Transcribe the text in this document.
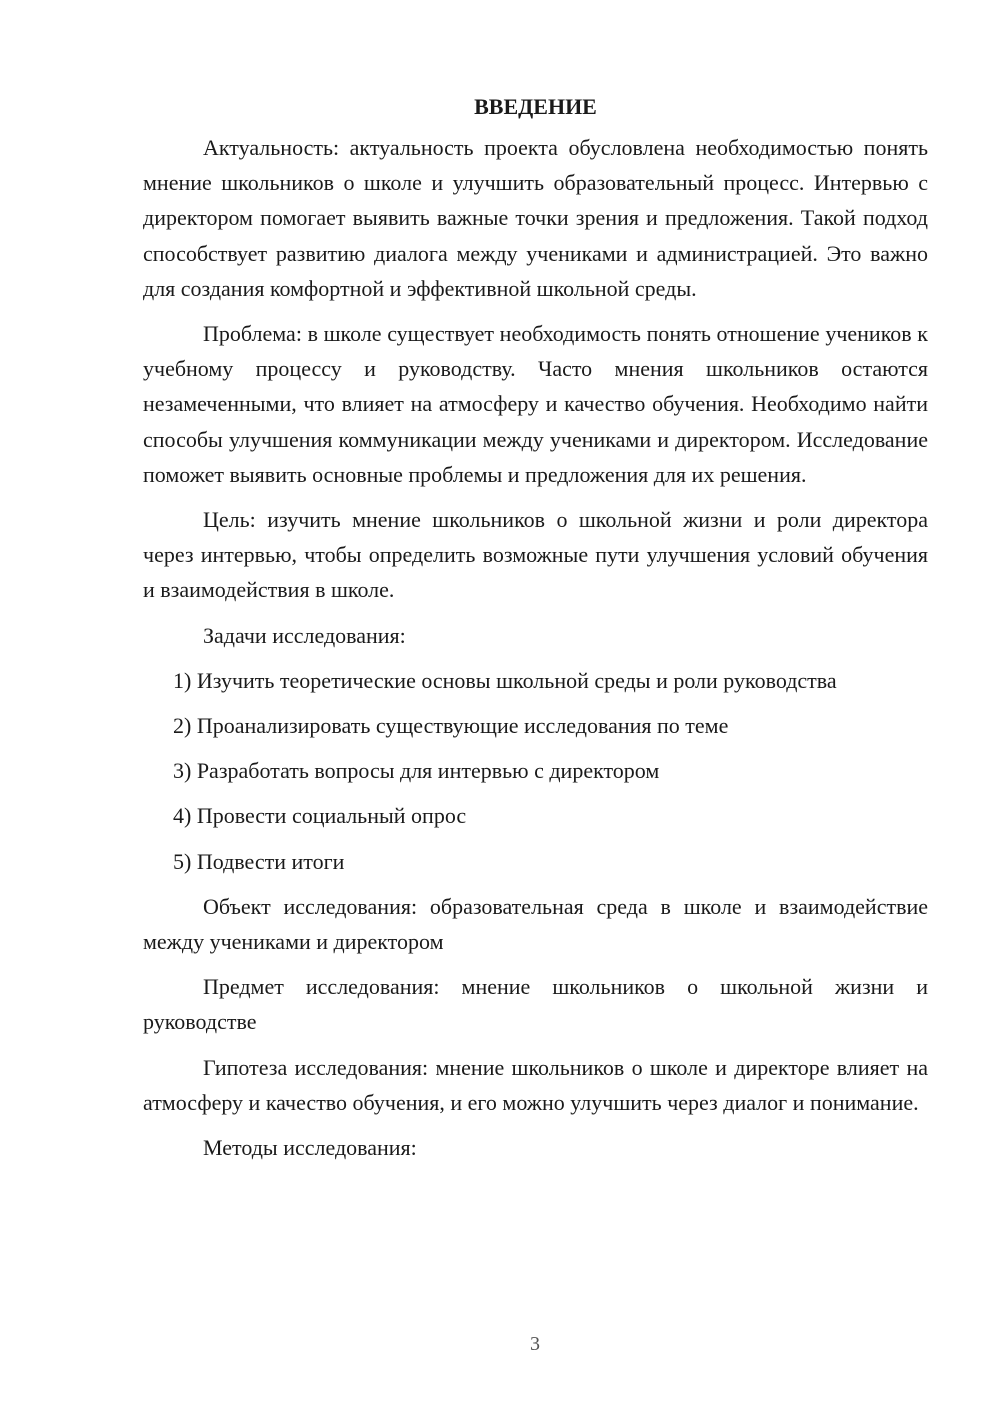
ВВЕДЕНИЕ

Актуальность: актуальность проекта обусловлена необходимостью понять мнение школьников о школе и улучшить образовательный процесс. Интервью с директором помогает выявить важные точки зрения и предложения. Такой подход способствует развитию диалога между учениками и администрацией. Это важно для создания комфортной и эффективной школьной среды.

Проблема: в школе существует необходимость понять отношение учеников к учебному процессу и руководству. Часто мнения школьников остаются незамеченными, что влияет на атмосферу и качество обучения. Необходимо найти способы улучшения коммуникации между учениками и директором. Исследование поможет выявить основные проблемы и предложения для их решения.

Цель: изучить мнение школьников о школьной жизни и роли директора через интервью, чтобы определить возможные пути улучшения условий обучения и взаимодействия в школе.

Задачи исследования:

1) Изучить теоретические основы школьной среды и роли руководства
2) Проанализировать существующие исследования по теме
3) Разработать вопросы для интервью с директором
4) Провести социальный опрос
5) Подвести итоги

Объект исследования: образовательная среда в школе и взаимодействие между учениками и директором

Предмет исследования: мнение школьников о школьной жизни и руководстве

Гипотеза исследования: мнение школьников о школе и директоре влияет на атмосферу и качество обучения, и его можно улучшить через диалог и понимание.

Методы исследования:

3
